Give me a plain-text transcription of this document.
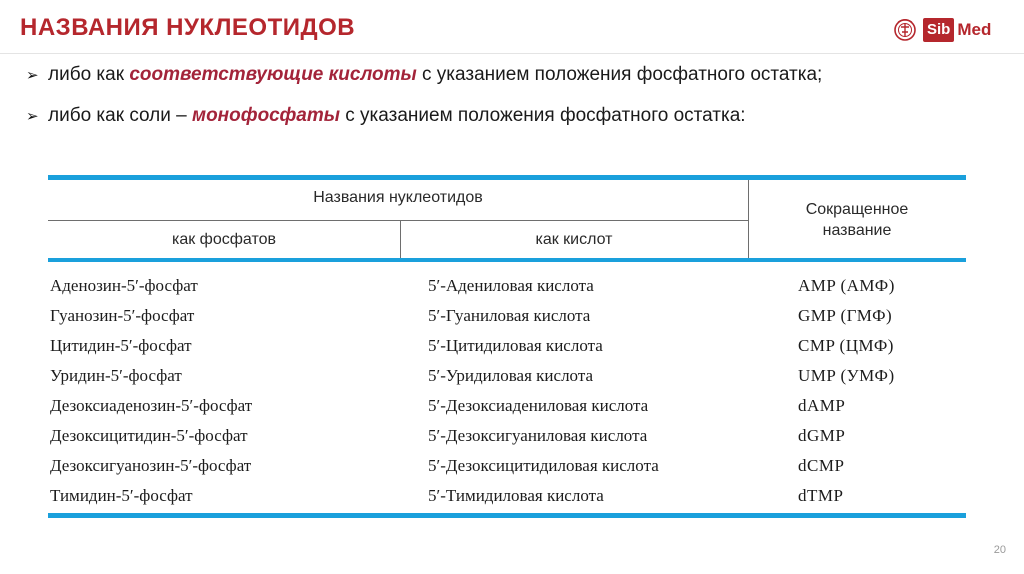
НАЗВАНИЯ НУКЛЕОТИДОВ	Sib Med
➢ либо как соответствующие кислоты с указанием положения фосфатного остатка;
➢ либо как соли – монофосфаты с указанием положения фосфатного остатка:
Названия нуклеотидов
как фосфатов	как кислот
Сокращенное
название
Аденозин-5′-фосфат	5′-Адениловая кислота	AMP (АМФ)
Гуанозин-5′-фосфат	5′-Гуаниловая кислота	GMP (ГМФ)
Цитидин-5′-фосфат	5′-Цитидиловая кислота	CMP (ЦМФ)
Уридин-5′-фосфат	5′-Уридиловая кислота	UMP (УМФ)
Дезоксиаденозин-5′-фосфат	5′-Дезоксиадениловая кислота	dAMP
Дезоксицитидин-5′-фосфат	5′-Дезоксигуаниловая кислота	dGMP
Дезоксигуанозин-5′-фосфат	5′-Дезоксицитидиловая кислота	dCMP
Тимидин-5′-фосфат	5′-Тимидиловая кислота	dTMP
20
